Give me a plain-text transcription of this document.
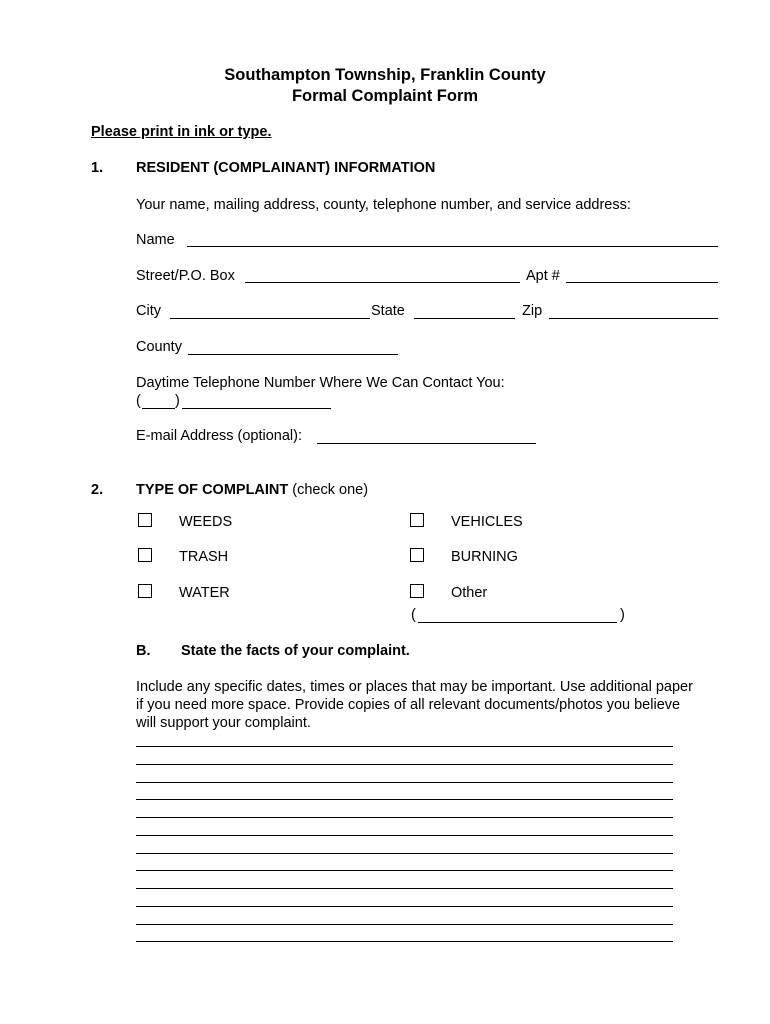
Southampton Township, Franklin County
Formal Complaint Form
Please print in ink or type.
1. RESIDENT (COMPLAINANT) INFORMATION
Your name, mailing address, county, telephone number, and service address:
Name
Street/P.O. Box	Apt #
City	State	Zip
County
Daytime Telephone Number Where We Can Contact You:
( )
E-mail Address (optional):
2. TYPE OF COMPLAINT (check one)
WEEDS	VEHICLES
TRASH	BURNING
WATER	Other
(	)
B. State the facts of your complaint.
Include any specific dates, times or places that may be important. Use additional paper if you need more space. Provide copies of all relevant documents/photos you believe will support your complaint.
